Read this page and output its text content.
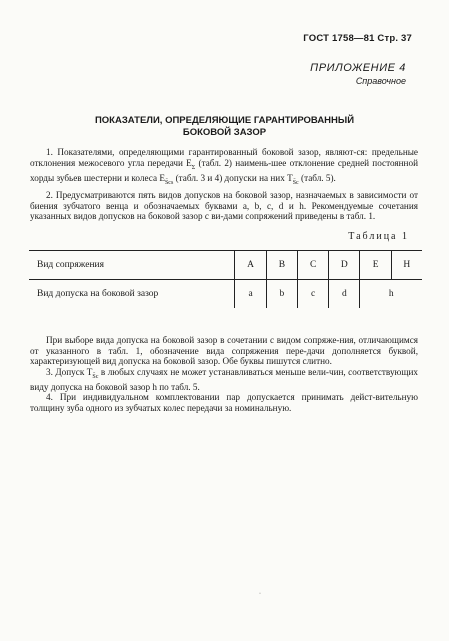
ГОСТ 1758—81 Стр. 37
ПРИЛОЖЕНИЕ 4
Справочное
ПОКАЗАТЕЛИ, ОПРЕДЕЛЯЮЩИЕ ГАРАНТИРОВАННЫЙ
БОКОВОЙ ЗАЗОР

1. Показателями, определяющими гарантированный боковой зазор, являют-ся: предельные отклонения межосевого угла передачи $E_\Sigma$ (табл. 2) наимень-шее отклонение средней постоянной хорды зубьев шестерни и колеса $E_{S̄cs}$ (табл. 3 и 4) допуски на них $T_{S̄c}$ (табл. 5).

2. Предусматриваются пять видов допусков на боковой зазор, назначаемых в зависимости от биения зубчатого венца и обозначаемых буквами a, b, c, d и h. Рекомендуемые сочетания указанных видов допусков на боковой зазор с ви-дами сопряжений приведены в табл. 1.

Таблица 1
Вид сопряжения	A	B	C	D	E	H
Вид допуска на боковой зазор	a	b	c	d	h	

При выборе вида допуска на боковой зазор в сочетании с видом сопряже-ния, отличающимся от указанного в табл. 1, обозначение вида сопряжения пере-дачи дополняется буквой, характеризующей вид допуска на боковой зазор. Обе буквы пишутся слитно.

3. Допуск $T_{S̄c}$ в любых случаях не может устанавливаться меньше вели-чин, соответствующих виду допуска на боковой зазор h по табл. 5.

4. При индивидуальном комплектовании пар допускается принимать дейст-вительную толщину зуба одного из зубчатых колес передачи за номинальную.

·
